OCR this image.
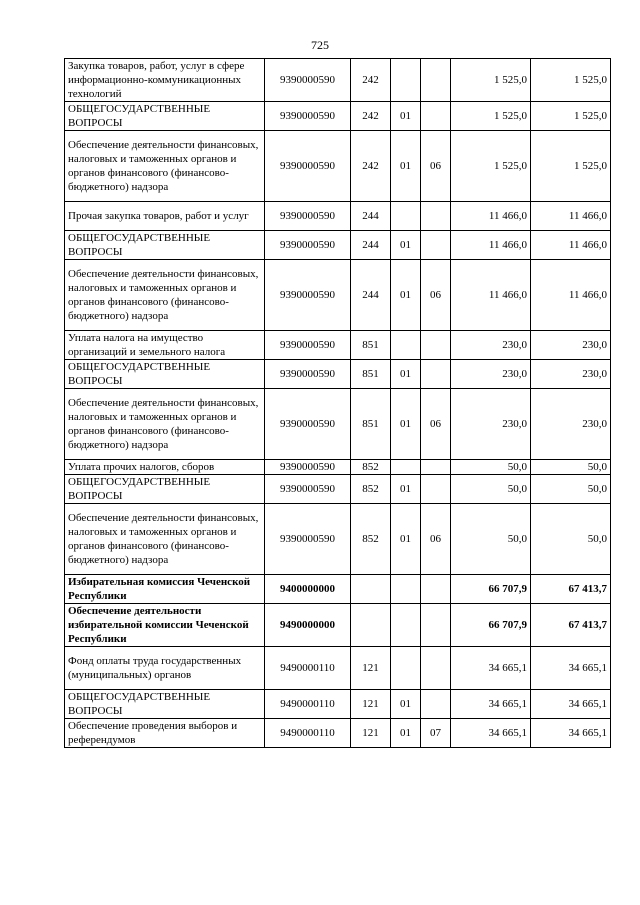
725
Закупка товаров, работ, услуг в сфере информационно-коммуникационных технологий	9390000590	242			1 525,0	1 525,0
ОБЩЕГОСУДАРСТВЕННЫЕ ВОПРОСЫ	9390000590	242	01		1 525,0	1 525,0
Обеспечение деятельности финансовых, налоговых и таможенных органов и органов финансового (финансово-бюджетного) надзора	9390000590	242	01	06	1 525,0	1 525,0
Прочая закупка товаров, работ и услуг	9390000590	244			11 466,0	11 466,0
ОБЩЕГОСУДАРСТВЕННЫЕ ВОПРОСЫ	9390000590	244	01		11 466,0	11 466,0
Обеспечение деятельности финансовых, налоговых и таможенных органов и органов финансового (финансово-бюджетного) надзора	9390000590	244	01	06	11 466,0	11 466,0
Уплата налога на имущество организаций и земельного налога	9390000590	851			230,0	230,0
ОБЩЕГОСУДАРСТВЕННЫЕ ВОПРОСЫ	9390000590	851	01		230,0	230,0
Обеспечение деятельности финансовых, налоговых и таможенных органов и органов финансового (финансово-бюджетного) надзора	9390000590	851	01	06	230,0	230,0
Уплата прочих налогов, сборов	9390000590	852			50,0	50,0
ОБЩЕГОСУДАРСТВЕННЫЕ ВОПРОСЫ	9390000590	852	01		50,0	50,0
Обеспечение деятельности финансовых, налоговых и таможенных органов и органов финансового (финансово-бюджетного) надзора	9390000590	852	01	06	50,0	50,0
Избирательная комиссия Чеченской Республики	9400000000				66 707,9	67 413,7
Обеспечение деятельности избирательной комиссии Чеченской Республики	9490000000				66 707,9	67 413,7
Фонд оплаты труда государственных (муниципальных) органов	9490000110	121			34 665,1	34 665,1
ОБЩЕГОСУДАРСТВЕННЫЕ ВОПРОСЫ	9490000110	121	01		34 665,1	34 665,1
Обеспечение проведения выборов и референдумов	9490000110	121	01	07	34 665,1	34 665,1
